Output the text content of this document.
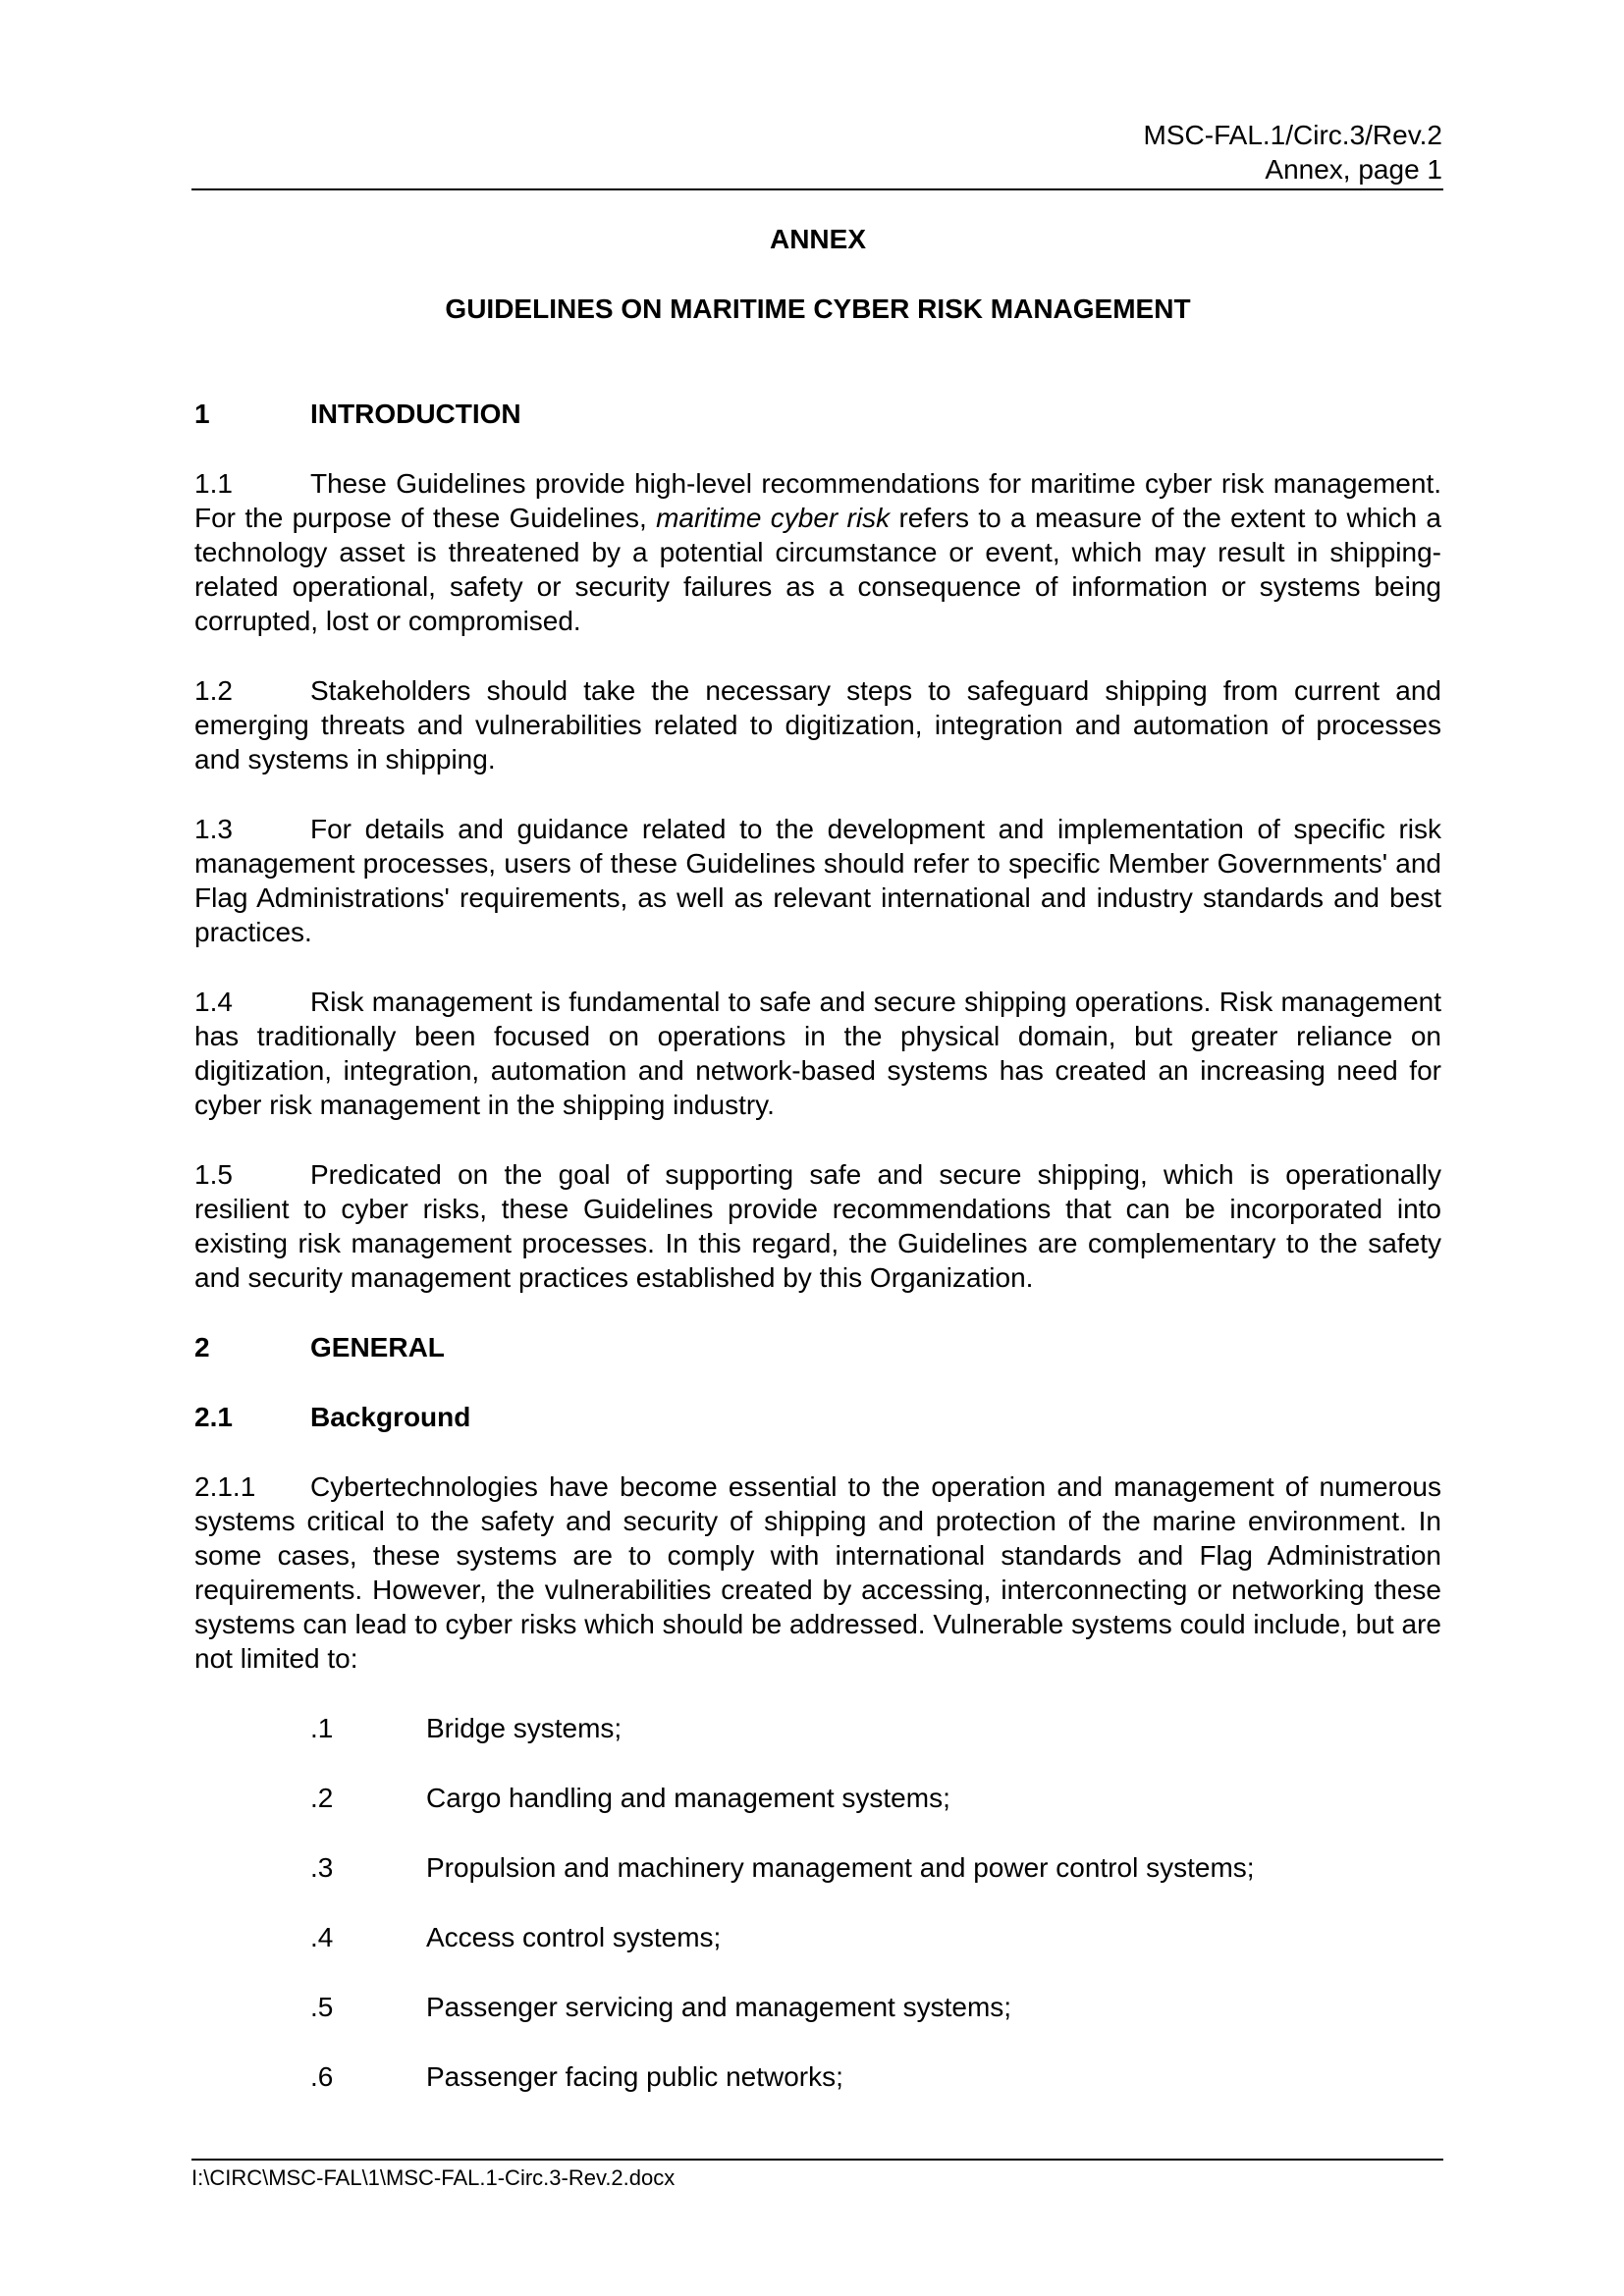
MSC-FAL.1/Circ.3/Rev.2
Annex, page 1

ANNEX

GUIDELINES ON MARITIME CYBER RISK MANAGEMENT

1	INTRODUCTION

1.1	These Guidelines provide high-level recommendations for maritime cyber risk management. For the purpose of these Guidelines, maritime cyber risk refers to a measure of the extent to which a technology asset is threatened by a potential circumstance or event, which may result in shipping-related operational, safety or security failures as a consequence of information or systems being corrupted, lost or compromised.

1.2	Stakeholders should take the necessary steps to safeguard shipping from current and emerging threats and vulnerabilities related to digitization, integration and automation of processes and systems in shipping.

1.3	For details and guidance related to the development and implementation of specific risk management processes, users of these Guidelines should refer to specific Member Governments' and Flag Administrations' requirements, as well as relevant international and industry standards and best practices.

1.4	Risk management is fundamental to safe and secure shipping operations. Risk management has traditionally been focused on operations in the physical domain, but greater reliance on digitization, integration, automation and network-based systems has created an increasing need for cyber risk management in the shipping industry.

1.5	Predicated on the goal of supporting safe and secure shipping, which is operationally resilient to cyber risks, these Guidelines provide recommendations that can be incorporated into existing risk management processes. In this regard, the Guidelines are complementary to the safety and security management practices established by this Organization.

2	GENERAL
2.1	Background

2.1.1 Cybertechnologies have become essential to the operation and management of numerous systems critical to the safety and security of shipping and protection of the marine environment. In some cases, these systems are to comply with international standards and Flag Administration requirements. However, the vulnerabilities created by accessing, interconnecting or networking these systems can lead to cyber risks which should be addressed. Vulnerable systems could include, but are not limited to:

.1	Bridge systems;
.2	Cargo handling and management systems;
.3	Propulsion and machinery management and power control systems;
.4	Access control systems;
.5	Passenger servicing and management systems;
.6	Passenger facing public networks;
I:\CIRC\MSC-FAL\1\MSC-FAL.1-Circ.3-Rev.2.docx
